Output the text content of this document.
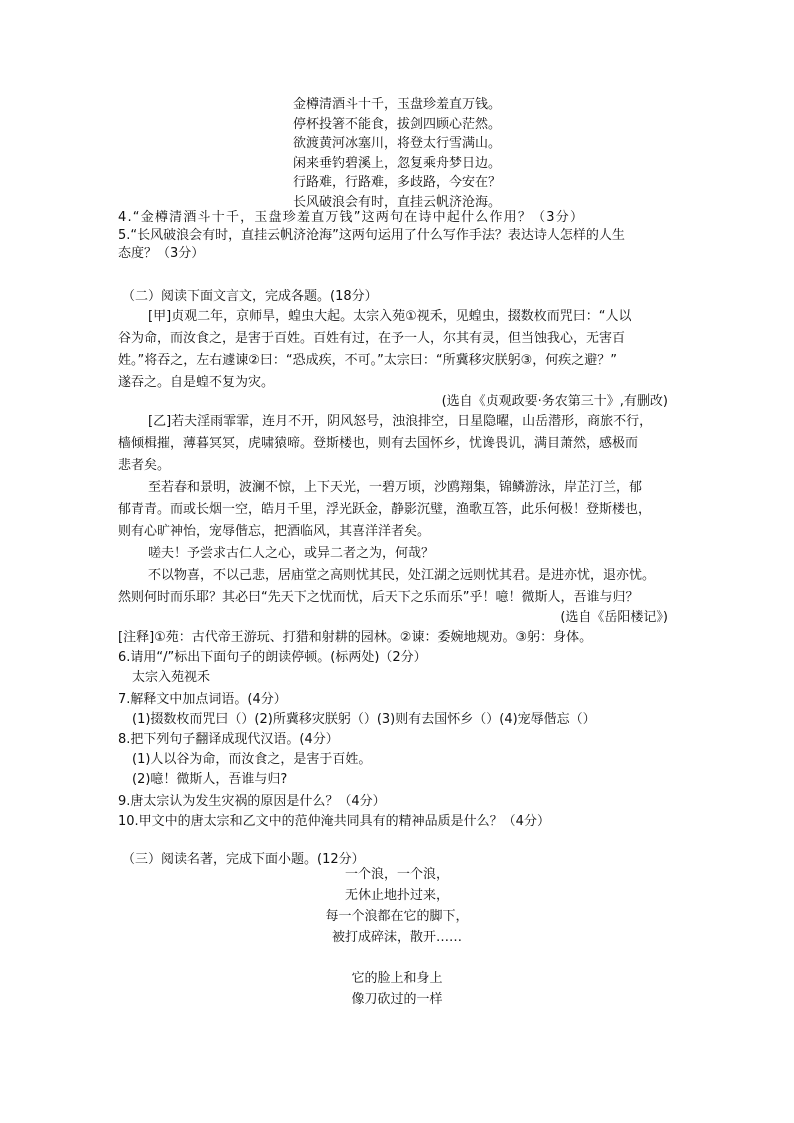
金樽清酒斗十千，玉盘珍羞直万钱。
停杯投箸不能食，拔剑四顾心茫然。
欲渡黄河冰塞川，将登太行雪满山。
闲来垂钓碧溪上，忽复乘舟梦日边。
行路难，行路难，多歧路，今安在？
长风破浪会有时，直挂云帆济沧海。
4.“金樽清酒斗十千，玉盘珍羞直万钱”这两句在诗中起什么作用？（3分）
5.“长风破浪会有时，直挂云帆济沧海”这两句运用了什么写作手法？表达诗人怎样的人生
态度？（3分）
（二）阅读下面文言文，完成各题。(18分）
[甲]贞观二年，京师旱，蝗虫大起。太宗入苑①视禾，见蝗虫，掇数枚而咒曰：“人以
谷为命，而汝食之，是害于百姓。百姓有过，在予一人，尔其有灵，但当蚀我心，无害百
姓。”将吞之，左右遽谏②曰：“恐成疾，不可。”太宗曰：“所冀移灾朕躬③，何疾之避？”
遂吞之。自是蝗不复为灾。
(选自《贞观政要·务农第三十》,有删改)
[乙]若夫淫雨霏霏，连月不开，阴风怒号，浊浪排空，日星隐曜，山岳潜形，商旅不行，
樯倾楫摧，薄暮冥冥，虎啸猿啼。登斯楼也，则有去国怀乡，忧谗畏讥，满目萧然，感极而
悲者矣。
至若春和景明，波澜不惊，上下天光，一碧万顷，沙鸥翔集，锦鳞游泳，岸芷汀兰，郁
郁青青。而或长烟一空，皓月千里，浮光跃金，静影沉璧，渔歌互答，此乐何极！登斯楼也，
则有心旷神怡，宠辱偕忘，把酒临风，其喜洋洋者矣。
嗟夫！予尝求古仁人之心，或异二者之为，何哉？
不以物喜，不以己悲，居庙堂之高则忧其民，处江湖之远则忧其君。是进亦忧，退亦忧。
然则何时而乐耶？其必曰“先天下之忧而忧，后天下之乐而乐”乎！噫！微斯人，吾谁与归？
(选自《岳阳楼记》)
[注释]①苑：古代帝王游玩、打猎和射耕的园林。②谏：委婉地规劝。③躬：身体。
6.请用“/”标出下面句子的朗读停顿。(标两处)（2分）
太宗入苑视禾
7.解释文中加点词语。(4分）
(1)掇数枚而咒曰（）(2)所冀移灾朕躬（）(3)则有去国怀乡（）(4)宠辱偕忘（）
8.把下列句子翻译成现代汉语。(4分）
(1)人以谷为命，而汝食之，是害于百姓。
(2)噫！微斯人，吾谁与归?
9.唐太宗认为发生灾祸的原因是什么？（4分）
10.甲文中的唐太宗和乙文中的范仲淹共同具有的精神品质是什么？（4分）
（三）阅读名著，完成下面小题。(12分）
一个浪，一个浪，
无休止地扑过来，
每一个浪都在它的脚下，
被打成碎沫，散开……
它的脸上和身上
像刀砍过的一样
